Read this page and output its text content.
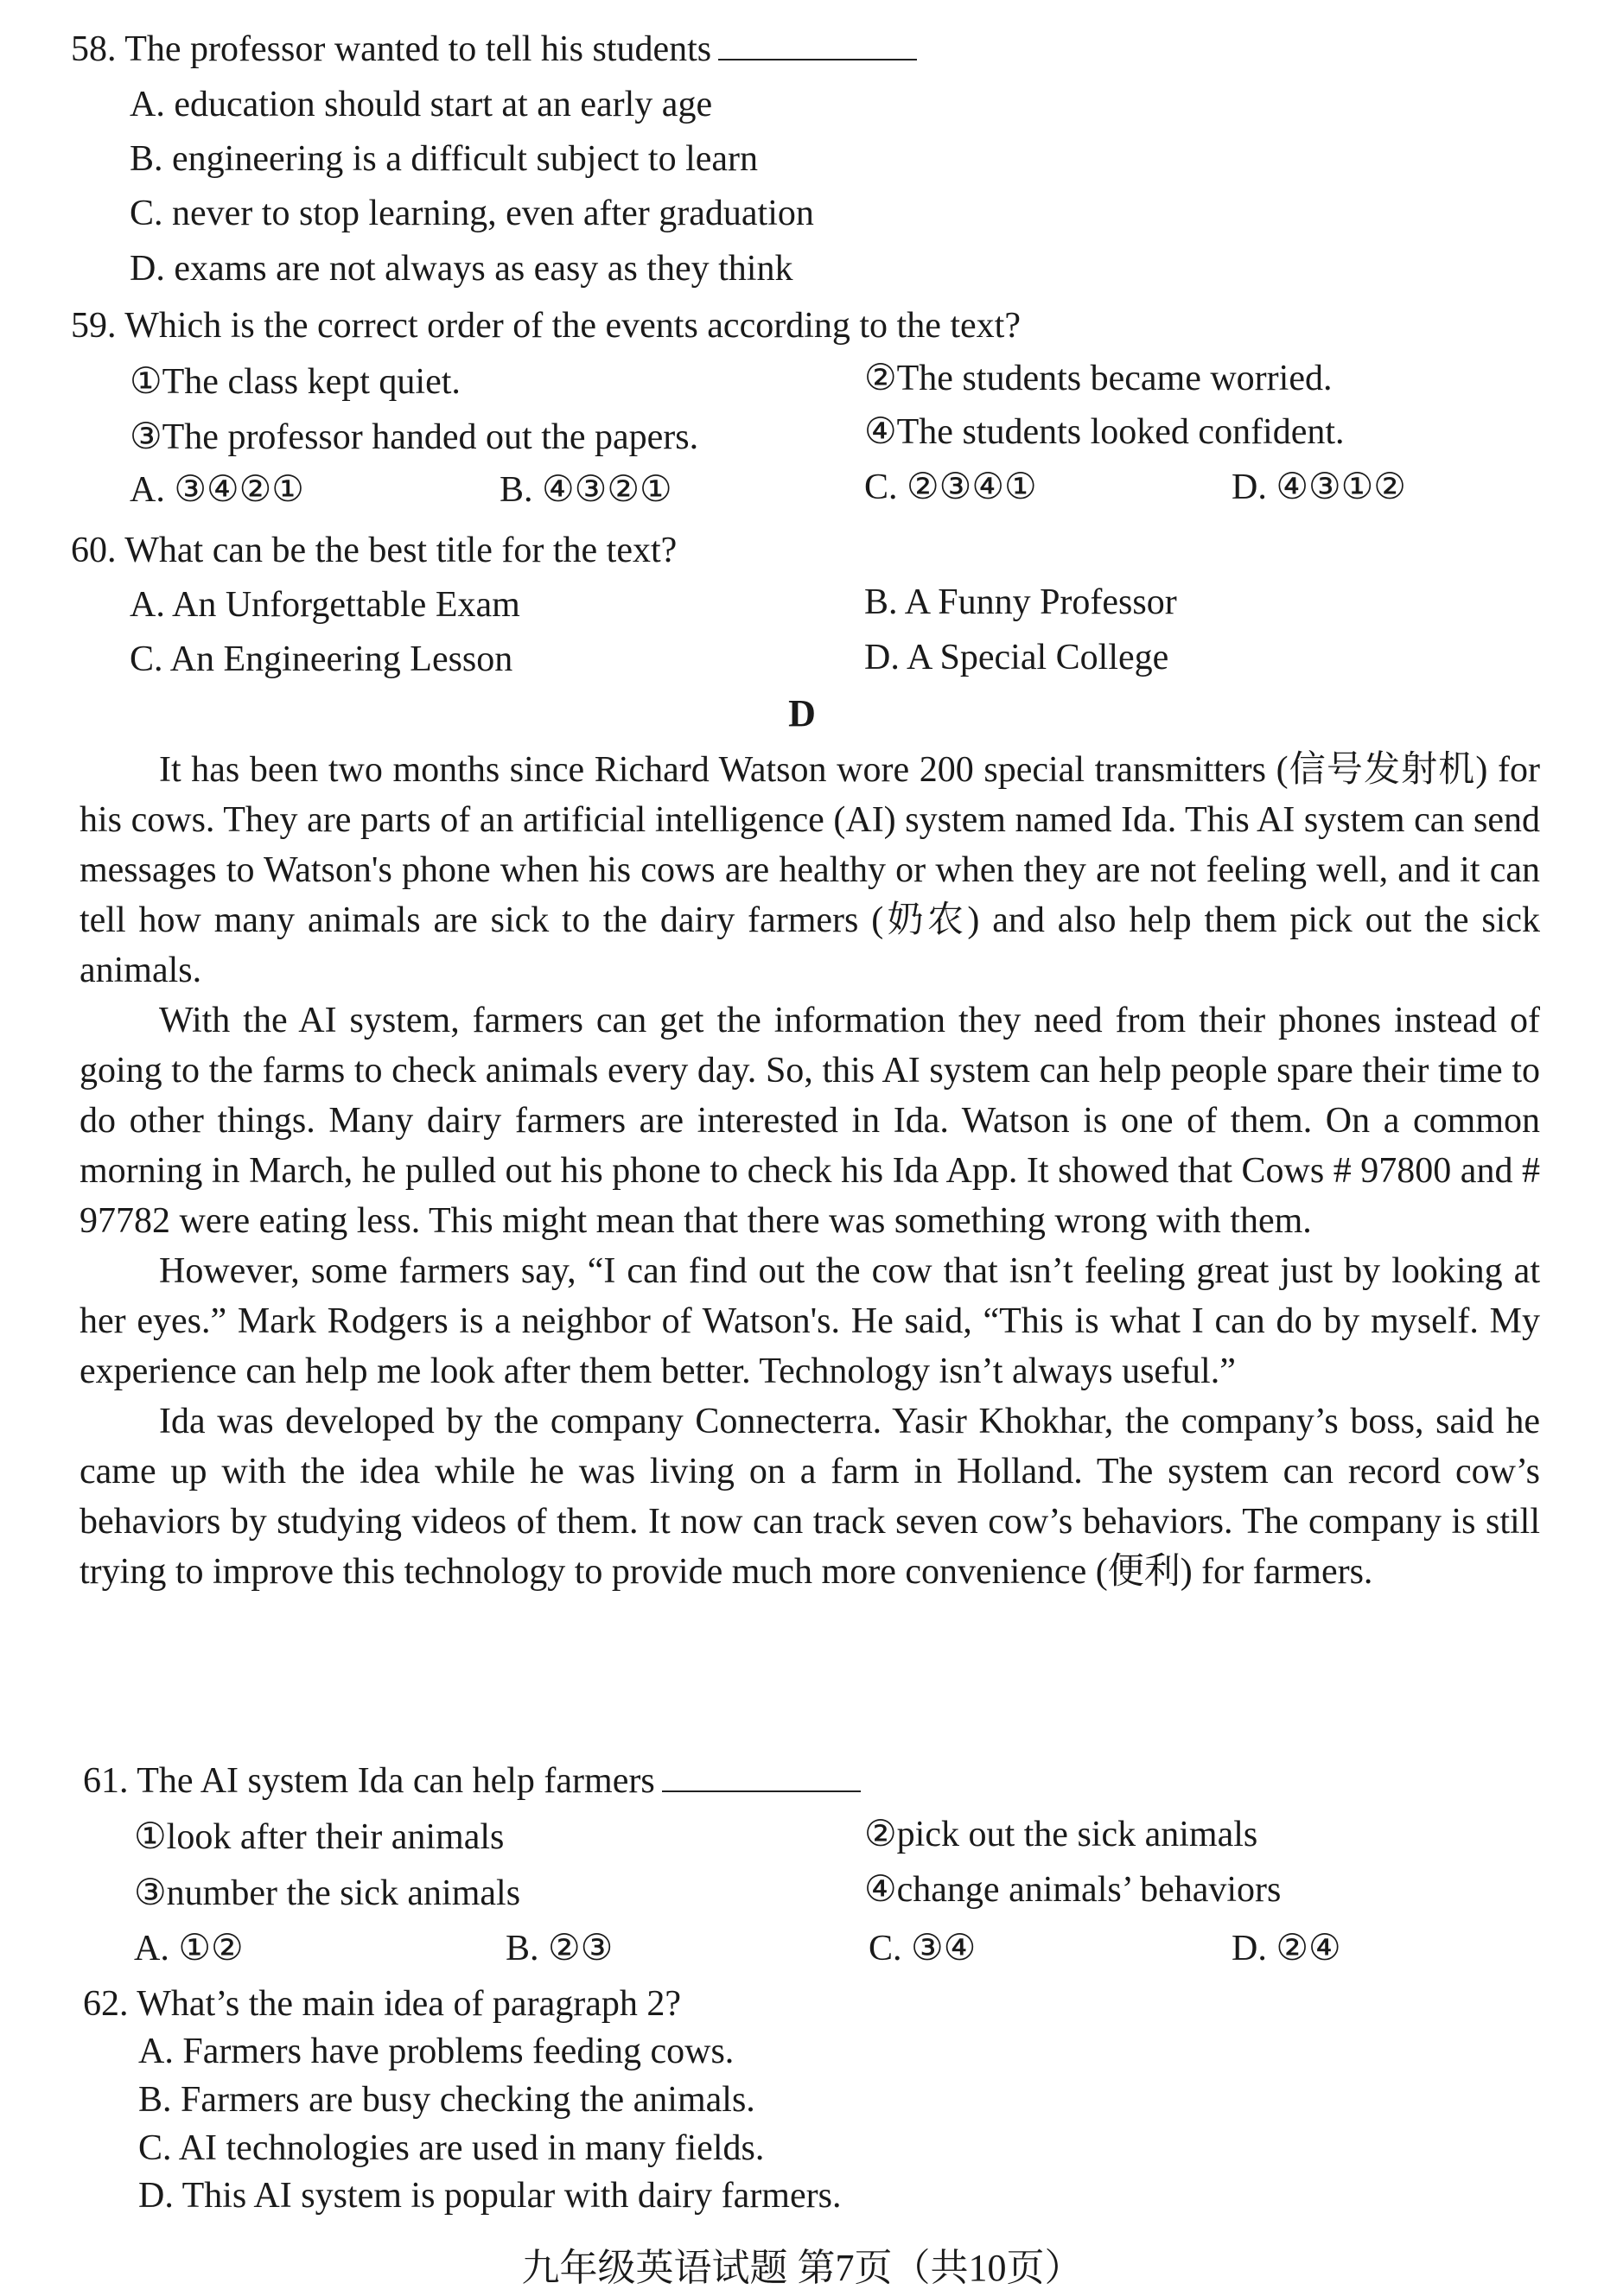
58. The professor wanted to tell his students
A. education should start at an early age
B. engineering is a difficult subject to learn
C. never to stop learning, even after graduation
D. exams are not always as easy as they think
59. Which is the correct order of the events according to the text?
①The class kept quiet.	②The students became worried.
③The professor handed out the papers.	④The students looked confident.
A. ③④②①	B. ④③②①	C. ②③④①	D. ④③①②
60. What can be the best title for the text?
A. An Unforgettable Exam	B. A Funny Professor
C. An Engineering Lesson	D. A Special College
D

It has been two months since Richard Watson wore 200 special transmitters (信号发射机) for his cows. They are parts of an artificial intelligence (AI) system named Ida. This AI system can send messages to Watson's phone when his cows are healthy or when they are not feeling well, and it can tell how many animals are sick to the dairy farmers (奶农) and also help them pick out the sick animals.

With the AI system, farmers can get the information they need from their phones instead of going to the farms to check animals every day. So, this AI system can help people spare their time to do other things. Many dairy farmers are interested in Ida. Watson is one of them. On a common morning in March, he pulled out his phone to check his Ida App. It showed that Cows # 97800 and # 97782 were eating less. This might mean that there was something wrong with them.

However, some farmers say, “I can find out the cow that isn’t feeling great just by looking at her eyes.” Mark Rodgers is a neighbor of Watson's. He said, “This is what I can do by myself. My experience can help me look after them better. Technology isn’t always useful.”

Ida was developed by the company Connecterra. Yasir Khokhar, the company’s boss, said he came up with the idea while he was living on a farm in Holland. The system can record cow’s behaviors by studying videos of them. It now can track seven cow’s behaviors. The company is still trying to improve this technology to provide much more convenience (便利) for farmers.

61. The AI system Ida can help farmers
①look after their animals	②pick out the sick animals
③number the sick animals	④change animals’ behaviors
A. ①②	B. ②③	C. ③④	D. ②④
62. What’s the main idea of paragraph 2?
A. Farmers have problems feeding cows.
B. Farmers are busy checking the animals.
C. AI technologies are used in many fields.
D. This AI system is popular with dairy farmers.
九年级英语试题 第7页（共10页）
